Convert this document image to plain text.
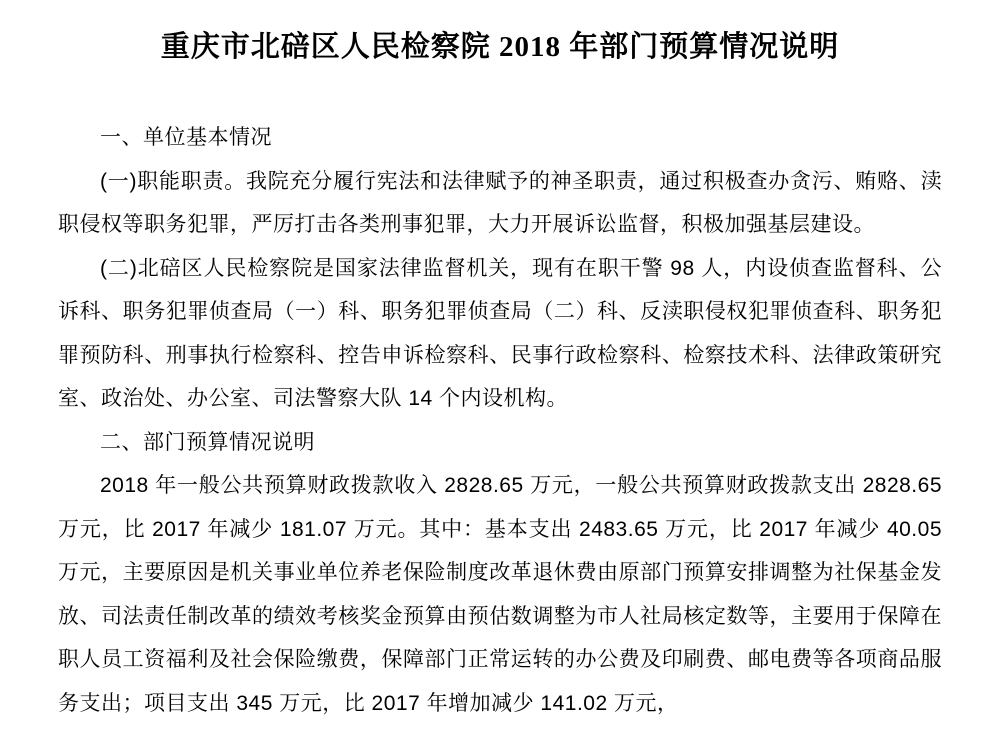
重庆市北碚区人民检察院 2018 年部门预算情况说明

一、单位基本情况

(一)职能职责。我院充分履行宪法和法律赋予的神圣职责，通过积极查办贪污、贿赂、渎职侵权等职务犯罪，严厉打击各类刑事犯罪，大力开展诉讼监督，积极加强基层建设。

(二)北碚区人民检察院是国家法律监督机关，现有在职干警 98 人，内设侦查监督科、公诉科、职务犯罪侦查局（一）科、职务犯罪侦查局（二）科、反渎职侵权犯罪侦查科、职务犯罪预防科、刑事执行检察科、控告申诉检察科、民事行政检察科、检察技术科、法律政策研究室、政治处、办公室、司法警察大队 14 个内设机构。

二、部门预算情况说明

2018 年一般公共预算财政拨款收入 2828.65 万元，一般公共预算财政拨款支出 2828.65 万元，比 2017 年减少 181.07 万元。其中：基本支出 2483.65 万元，比 2017 年减少 40.05 万元，主要原因是机关事业单位养老保险制度改革退休费由原部门预算安排调整为社保基金发放、司法责任制改革的绩效考核奖金预算由预估数调整为市人社局核定数等，主要用于保障在职人员工资福利及社会保险缴费，保障部门正常运转的办公费及印刷费、邮电费等各项商品服务支出；项目支出 345 万元，比 2017 年增加减少 141.02 万元，
